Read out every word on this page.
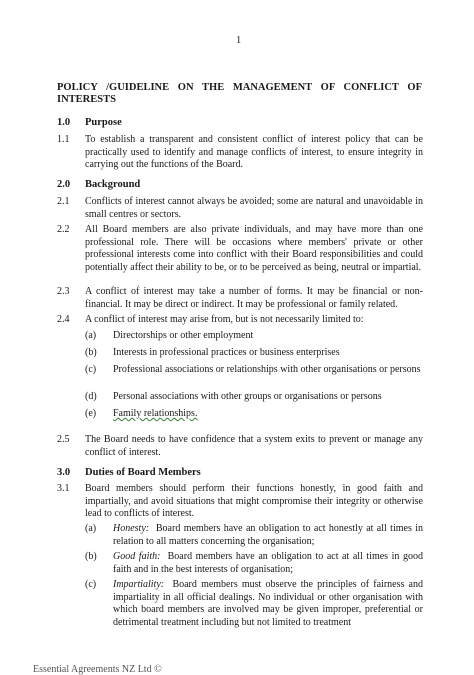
1
POLICY /GUIDELINE ON THE MANAGEMENT OF CONFLICT OF
INTERESTS
1.0 Purpose
1.1 To establish a transparent and consistent conflict of interest policy that can be practically used to identify and manage conflicts of interest, to ensure integrity in carrying out the functions of the Board.
2.0 Background
2.1 Conflicts of interest cannot always be avoided; some are natural and unavoidable in small centres or sectors.
2.2 All Board members are also private individuals, and may have more than one professional role. There will be occasions where members' private or other professional interests come into conflict with their Board responsibilities and could potentially affect their ability to be, or to be perceived as being, neutral or impartial.
2.3 A conflict of interest may take a number of forms. It may be financial or non-financial. It may be direct or indirect. It may be professional or family related.
2.4 A conflict of interest may arise from, but is not necessarily limited to:
(a) Directorships or other employment
(b) Interests in professional practices or business enterprises
(c) Professional associations or relationships with other organisations or persons
(d) Personal associations with other groups or organisations or persons
(e) Family relationships.
2.5 The Board needs to have confidence that a system exits to prevent or manage any conflict of interest.
3.0 Duties of Board Members
3.1 Board members should perform their functions honestly, in good faith and impartially, and avoid situations that might compromise their integrity or otherwise lead to conflicts of interest.
(a) Honesty: Board members have an obligation to act honestly at all times in relation to all matters concerning the organisation;
(b) Good faith: Board members have an obligation to act at all times in good faith and in the best interests of organisation;
(c) Impartiality: Board members must observe the principles of fairness and impartiality in all official dealings. No individual or other organisation with which board members are involved may be given improper, preferential or detrimental treatment including but not limited to treatment
Essential Agreements NZ Ltd ©
